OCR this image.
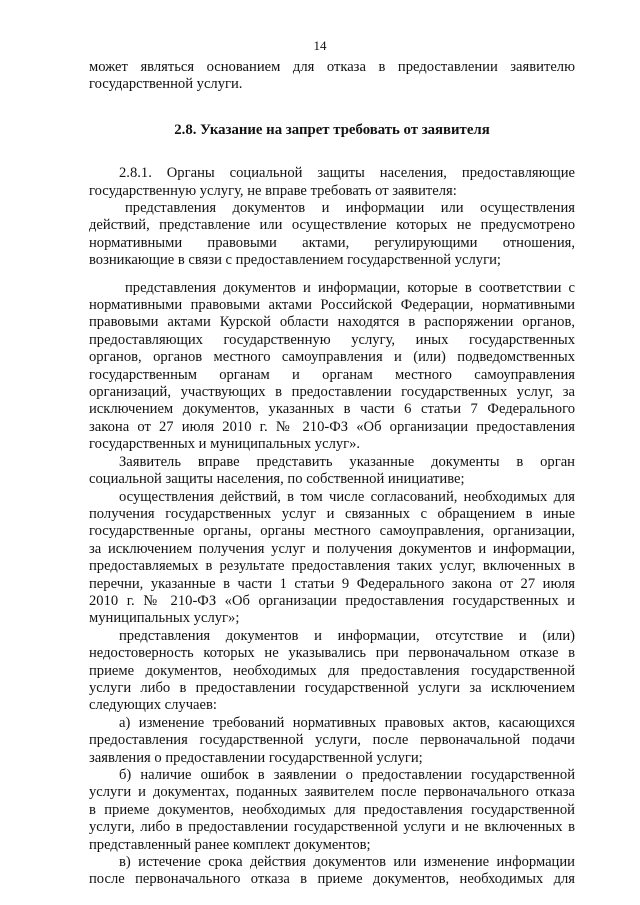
14
может являться основанием для отказа в предоставлении заявителю
государственной услуги.
2.8. Указание на запрет требовать от заявителя
2.8.1. Органы социальной защиты населения, предоставляющие
государственную услугу, не вправе требовать от заявителя:
представления документов и информации или осуществления
действий, представление или осуществление которых не предусмотрено
нормативными правовыми актами, регулирующими отношения,
возникающие в связи с предоставлением государственной услуги;
представления документов и информации, которые в соответствии с
нормативными правовыми актами Российской Федерации, нормативными
правовыми актами Курской области находятся в распоряжении органов,
предоставляющих государственную услугу, иных государственных
органов, органов местного самоуправления и (или) подведомственных
государственным органам и органам местного самоуправления
организаций, участвующих в предоставлении государственных услуг, за
исключением документов, указанных в части 6 статьи 7 Федерального
закона от 27 июля 2010 г. № 210-ФЗ «Об организации предоставления
государственных и муниципальных услуг».
Заявитель вправе представить указанные документы в орган
социальной защиты населения, по собственной инициативе;
осуществления действий, в том числе согласований, необходимых для
получения государственных услуг и связанных с обращением в иные
государственные органы, органы местного самоуправления, организации,
за исключением получения услуг и получения документов и информации,
предоставляемых в результате предоставления таких услуг, включенных в
перечни, указанные в части 1 статьи 9 Федерального закона от 27 июля
2010 г. № 210-ФЗ «Об организации предоставления государственных и
муниципальных услуг»;
представления документов и информации, отсутствие и (или)
недостоверность которых не указывались при первоначальном отказе в
приеме документов, необходимых для предоставления государственной
услуги либо в предоставлении государственной услуги за исключением
следующих случаев:
а) изменение требований нормативных правовых актов, касающихся
предоставления государственной услуги, после первоначальной подачи
заявления о предоставлении государственной услуги;
б) наличие ошибок в заявлении о предоставлении государственной
услуги и документах, поданных заявителем после первоначального отказа
в приеме документов, необходимых для предоставления государственной
услуги, либо в предоставлении государственной услуги и не включенных в
представленный ранее комплект документов;
в) истечение срока действия документов или изменение информации
после первоначального отказа в приеме документов, необходимых для
